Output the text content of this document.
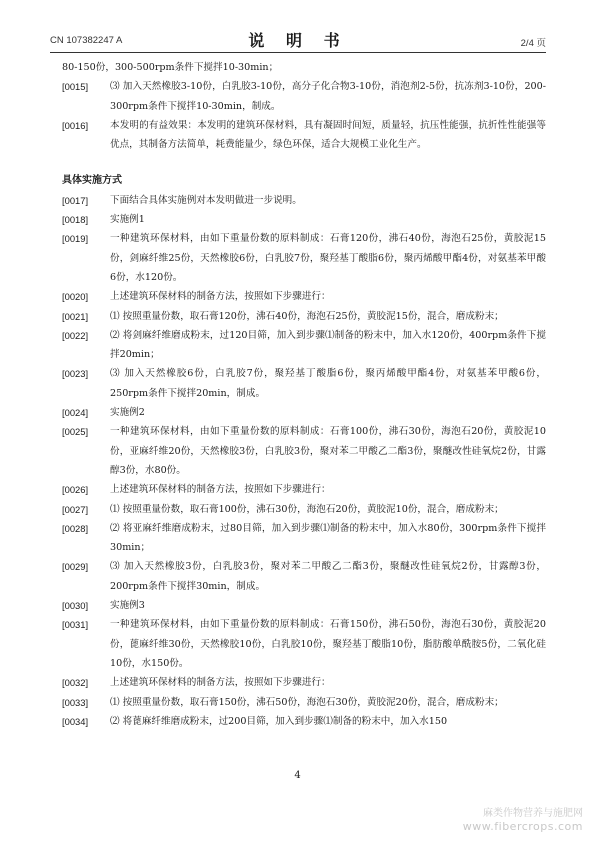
CN 107382247 A	说 明 书	2/4 页
80-150份，300-500rpm条件下搅拌10-30min；
[0015]	⑶ 加入天然橡胶3-10份，白乳胶3-10份，高分子化合物3-10份，消泡剂2-5份，抗冻剂3-10份，200-300rpm条件下搅拌10-30min，制成。
[0016]	本发明的有益效果：本发明的建筑环保材料，具有凝固时间短，质量轻，抗压性能强，抗折性性能强等优点，其制备方法简单，耗费能量少，绿色环保，适合大规模工业化生产。
具体实施方式
[0017]	下面结合具体实施例对本发明做进一步说明。
[0018]	实施例1
[0019]	一种建筑环保材料，由如下重量份数的原料制成：石膏120份，沸石40份，海泡石25份，黄胶泥15份，剑麻纤维25份，天然橡胶6份，白乳胶7份，聚羟基丁酸脂6份，聚丙烯酸甲酯4份，对氨基苯甲酸6份，水120份。
[0020]	上述建筑环保材料的制备方法，按照如下步骤进行：
[0021]	⑴ 按照重量份数，取石膏120份，沸石40份，海泡石25份，黄胶泥15份，混合，磨成粉末；
[0022]	⑵ 将剑麻纤维磨成粉末，过120目筛，加入到步骤⑴制备的粉末中，加入水120份，400rpm条件下搅拌20min；
[0023]	⑶ 加入天然橡胶6份，白乳胶7份，聚羟基丁酸脂6份，聚丙烯酸甲酯4份，对氨基苯甲酸6份，250rpm条件下搅拌20min，制成。
[0024]	实施例2
[0025]	一种建筑环保材料，由如下重量份数的原料制成：石膏100份，沸石30份，海泡石20份，黄胶泥10份，亚麻纤维20份，天然橡胶3份，白乳胶3份，聚对苯二甲酸乙二酯3份，聚醚改性硅氧烷2份，甘露醇3份，水80份。
[0026]	上述建筑环保材料的制备方法，按照如下步骤进行：
[0027]	⑴ 按照重量份数，取石膏100份，沸石30份，海泡石20份，黄胶泥10份，混合，磨成粉末；
[0028]	⑵ 将亚麻纤维磨成粉末，过80目筛，加入到步骤⑴制备的粉末中，加入水80份，300rpm条件下搅拌30min；
[0029]	⑶ 加入天然橡胶3份，白乳胶3份，聚对苯二甲酸乙二酯3份，聚醚改性硅氧烷2份，甘露醇3份，200rpm条件下搅拌30min，制成。
[0030]	实施例3
[0031]	一种建筑环保材料，由如下重量份数的原料制成：石膏150份，沸石50份，海泡石30份，黄胶泥20份，蓖麻纤维30份，天然橡胶10份，白乳胶10份，聚羟基丁酸脂10份，脂肪酸单酰胺5份，二氧化硅10份，水150份。
[0032]	上述建筑环保材料的制备方法，按照如下步骤进行：
[0033]	⑴ 按照重量份数，取石膏150份，沸石50份，海泡石30份，黄胶泥20份，混合，磨成粉末；
[0034]	⑵ 将蓖麻纤维磨成粉末，过200目筛，加入到步骤⑴制备的粉末中，加入水150
4
麻类作物营养与施肥网
www.fibercrops.com
